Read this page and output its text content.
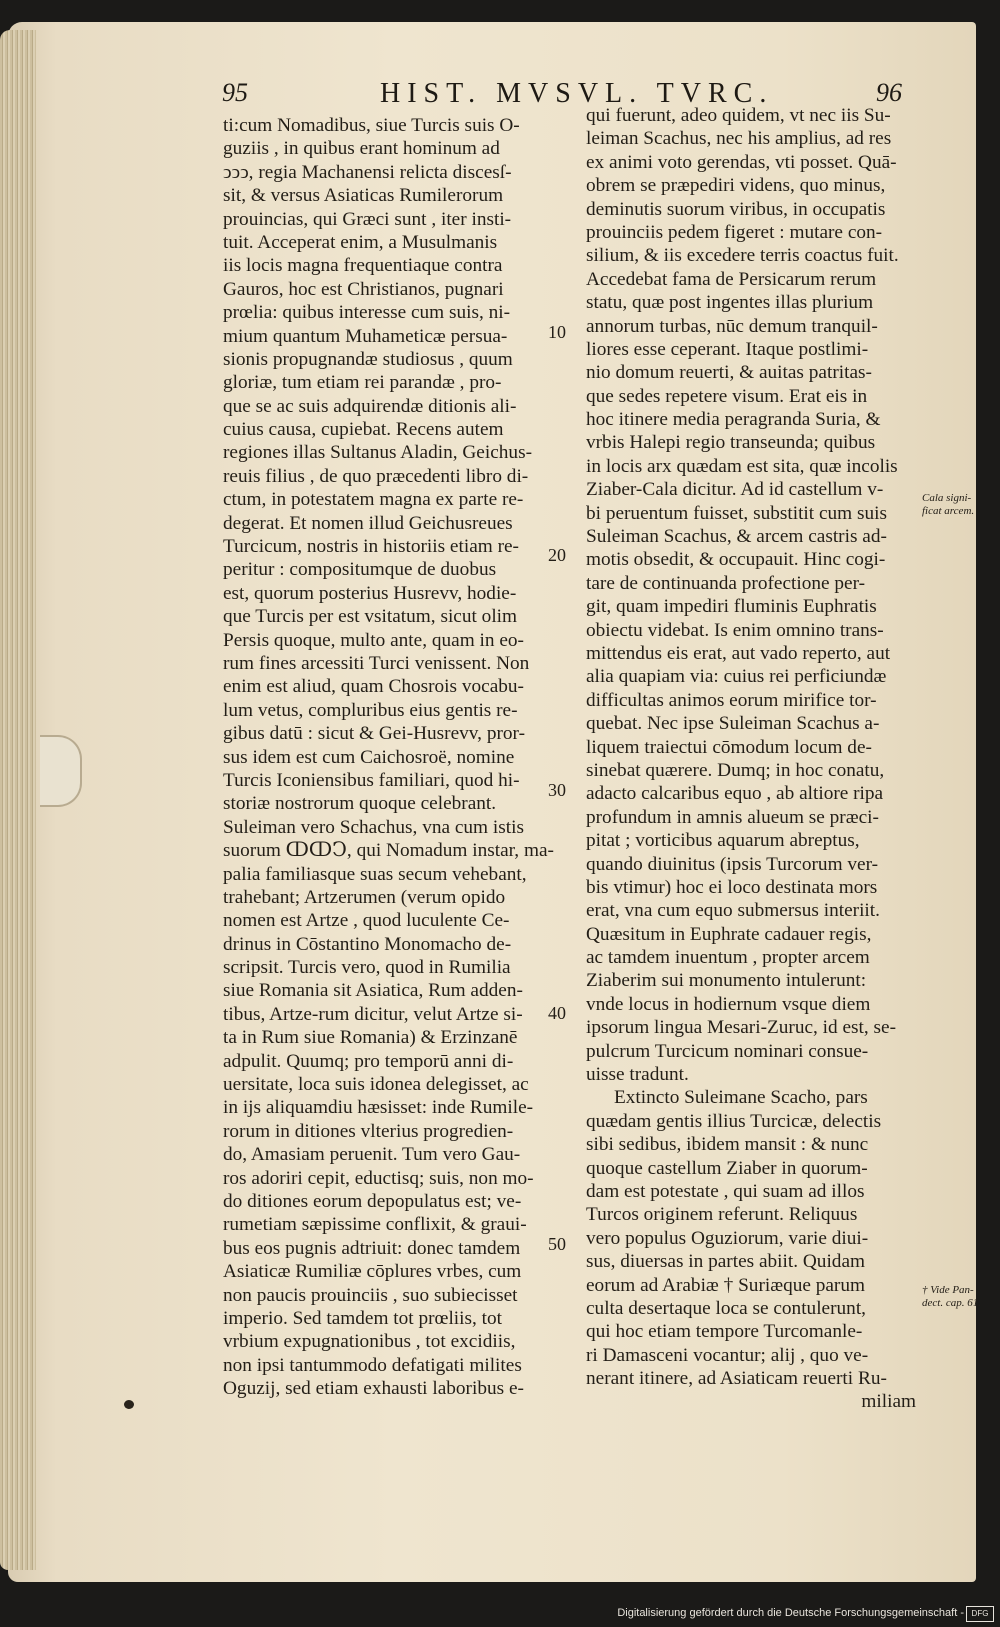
95	HIST. MVSVL. TVRC.	96
ti:cum Nomadibus, siue Turcis suis O-
guziis , in quibus erant hominum ad
ↄↄↄ, regia Machanensi relicta discesſ-
sit, & versus Asiaticas Rumilerorum
prouincias, qui Græci sunt , iter insti-
tuit. Acceperat enim, a Musulmanis
iis locis magna frequentiaque contra
Gauros, hoc est Christianos, pugnari
prœlia: quibus interesse cum suis, ni-
mium quantum Muhameticæ persua-
sionis propugnandæ studiosus , quum
gloriæ, tum etiam rei parandæ , pro-
que se ac suis adquirendæ ditionis ali-
cuius causa, cupiebat. Recens autem
regiones illas Sultanus Aladin, Geichus-
reuis filius , de quo præcedenti libro di-
ctum, in potestatem magna ex parte re-
degerat. Et nomen illud Geichusreues
Turcicum, nostris in historiis etiam re-
peritur : compositumque de duobus
est, quorum posterius Husrevv, hodie-
que Turcis per est vsitatum, sicut olim
Persis quoque, multo ante, quam in eo-
rum fines arcessiti Turci venissent. Non
enim est aliud, quam Chosrois vocabu-
lum vetus, compluribus eius gentis re-
gibus datū : sicut & Gei-Husrevv, pror-
sus idem est cum Caichosroë, nomine
Turcis Iconiensibus familiari, quod hi-
storiæ nostrorum quoque celebrant.
Suleiman vero Schachus, vna cum istis
suorum ↀↀↃ, qui Nomadum instar, ma-
palia familiasque suas secum vehebant,
trahebant; Artzerumen (verum opido
nomen est Artze , quod luculente Ce-
drinus in Cōstantino Monomacho de-
scripsit. Turcis vero, quod in Rumilia
siue Romania sit Asiatica, Rum adden-
tibus, Artze-rum dicitur, velut Artze si-
ta in Rum siue Romania) & Erzinzanē
adpulit. Quumq; pro temporū anni di-
uersitate, loca suis idonea delegisset, ac
in ijs aliquamdiu hæsisset: inde Rumile-
rorum in ditiones vlterius progredien-
do, Amasiam peruenit. Tum vero Gau-
ros adoriri cepit, eductisq; suis, non mo-
do ditiones eorum depopulatus est; ve-
rumetiam sæpissime conflixit, & graui-
bus eos pugnis adtriuit: donec tamdem
Asiaticæ Rumiliæ cōplures vrbes, cum
non paucis prouinciis , suo subiecisset
imperio. Sed tamdem tot prœliis, tot
vrbium expugnationibus , tot excidiis,
non ipsi tantummodo defatigati milites
Oguzij, sed etiam exhausti laboribus e-
qui fuerunt, adeo quidem, vt nec iis Su-
leiman Scachus, nec his amplius, ad res
ex animi voto gerendas, vti posset. Quā-
obrem se præpediri videns, quo minus,
deminutis suorum viribus, in occupatis
prouinciis pedem figeret : mutare con-
silium, & iis excedere terris coactus fuit.
Accedebat fama de Persicarum rerum
statu, quæ post ingentes illas plurium
annorum turbas, nūc demum tranquil-
liores esse ceperant. Itaque postlimi-
nio domum reuerti, & auitas patritas-
que sedes repetere visum. Erat eis in
hoc itinere media peragranda Suria, &
vrbis Halepi regio transeunda; quibus
in locis arx quædam est sita, quæ incolis
Ziaber-Cala dicitur. Ad id castellum v-
bi peruentum fuisset, substitit cum suis
Suleiman Scachus, & arcem castris ad-
motis obsedit, & occupauit. Hinc cogi-
tare de continuanda profectione per-
git, quam impediri fluminis Euphratis
obiectu videbat. Is enim omnino trans-
mittendus eis erat, aut vado reperto, aut
alia quapiam via: cuius rei perficiundæ
difficultas animos eorum mirifice tor-
quebat. Nec ipse Suleiman Scachus a-
liquem traiectui cōmodum locum de-
sinebat quærere. Dumq; in hoc conatu,
adacto calcaribus equo , ab altiore ripa
profundum in amnis alueum se præci-
pitat ; vorticibus aquarum abreptus,
quando diuinitus (ipsis Turcorum ver-
bis vtimur) hoc ei loco destinata mors
erat, vna cum equo submersus interiit.
Quæsitum in Euphrate cadauer regis,
ac tamdem inuentum , propter arcem
Ziaberim sui monumento intulerunt:
vnde locus in hodiernum vsque diem
ipsorum lingua Mesari-Zuruc, id est, se-
pulcrum Turcicum nominari consue-
uisse tradunt.
Extincto Suleimane Scacho, pars
quædam gentis illius Turcicæ, delectis
sibi sedibus, ibidem mansit : & nunc
quoque castellum Ziaber in quorum-
dam est potestate , qui suam ad illos
Turcos originem referunt. Reliquus
vero populus Oguziorum, varie diui-
sus, diuersas in partes abiit. Quidam
eorum ad Arabiæ † Suriæque parum
culta desertaque loca se contulerunt,
qui hoc etiam tempore Turcomanle-
ri Damasceni vocantur; alij , quo ve-
nerant itinere, ad Asiaticam reuerti Ru-
miliam
10
20
30
40
50
Cala signi-
ficat arcem.
† Vide Pan-
dect. cap. 61.
Digitalisierung gefördert durch die Deutsche Forschungsgemeinschaft - DFG
